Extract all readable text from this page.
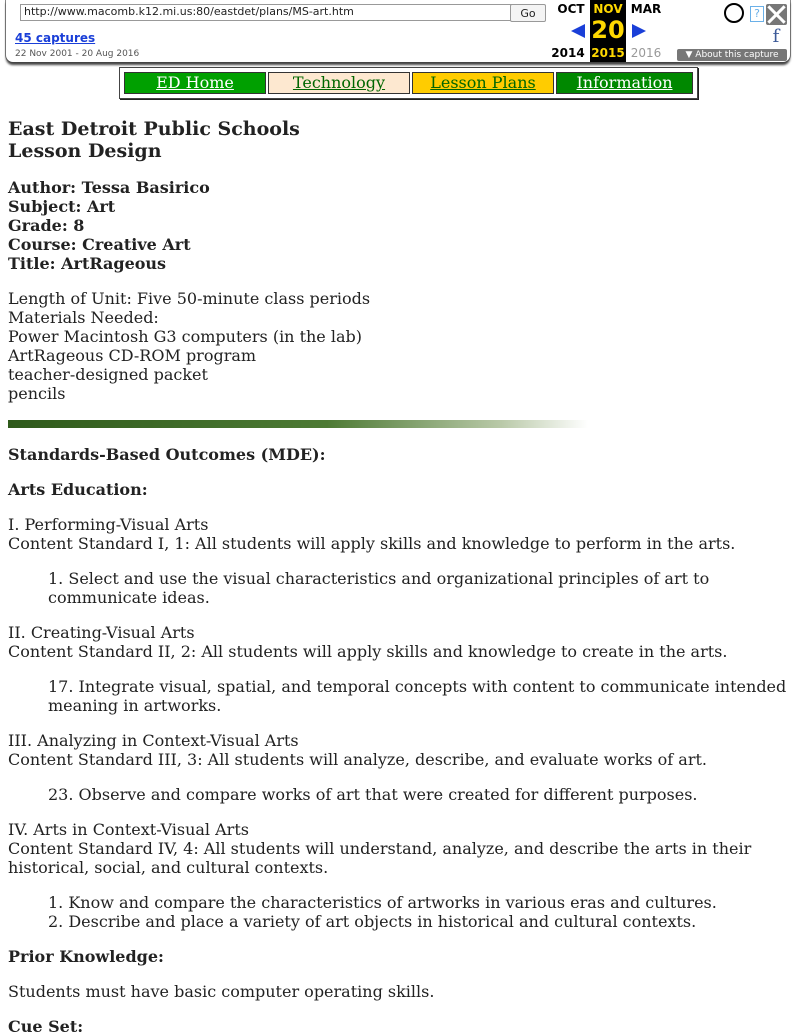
http://www.macomb.k12.mi.us:80/eastdet/plans/MS-art.htm	Go
45 captures
22 Nov 2001 - 20 Aug 2016
OCT
2014
NOV
20
2015
MAR
2016
?
f
▼ About this capture
ED Home	Technology	Lesson Plans	Information
East Detroit Public Schools
Lesson Design

Author: Tessa Basirico

Subject: Art

Grade: 8

Course: Creative Art

Title: ArtRageous

Length of Unit: Five 50-minute class periods

Materials Needed:

Power Macintosh G3 computers (in the lab)

ArtRageous CD-ROM program

teacher-designed packet

pencils

Standards-Based Outcomes (MDE):

Arts Education:

I. Performing-Visual Arts

Content Standard I, 1: All students will apply skills and knowledge to perform in the arts.

1. Select and use the visual characteristics and organizational principles of art to communicate ideas.

II. Creating-Visual Arts

Content Standard II, 2: All students will apply skills and knowledge to create in the arts.

17. Integrate visual, spatial, and temporal concepts with content to communicate intended meaning in artworks.

III. Analyzing in Context-Visual Arts

Content Standard III, 3: All students will analyze, describe, and evaluate works of art.

23. Observe and compare works of art that were created for different purposes.

IV. Arts in Context-Visual Arts

Content Standard IV, 4: All students will understand, analyze, and describe the arts in their historical, social, and cultural contexts.

1. Know and compare the characteristics of artworks in various eras and cultures.

2. Describe and place a variety of art objects in historical and cultural contexts.

Prior Knowledge:

Students must have basic computer operating skills.

Cue Set:
